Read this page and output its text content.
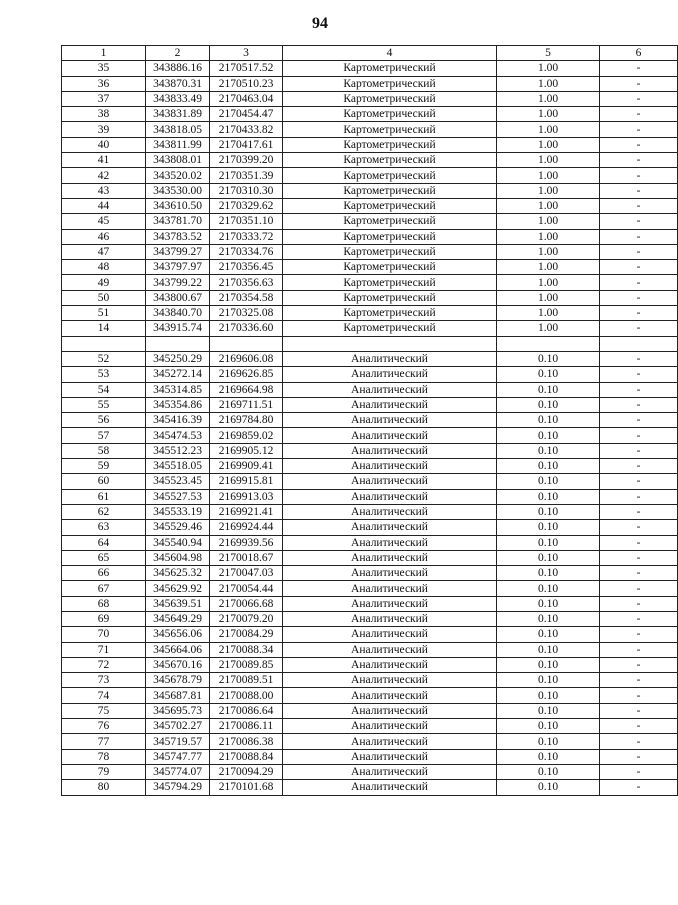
94
1	2	3	4	5	6
35	343886.16	2170517.52	Картометрический	1.00	-
36	343870.31	2170510.23	Картометрический	1.00	-
37	343833.49	2170463.04	Картометрический	1.00	-
38	343831.89	2170454.47	Картометрический	1.00	-
39	343818.05	2170433.82	Картометрический	1.00	-
40	343811.99	2170417.61	Картометрический	1.00	-
41	343808.01	2170399.20	Картометрический	1.00	-
42	343520.02	2170351.39	Картометрический	1.00	-
43	343530.00	2170310.30	Картометрический	1.00	-
44	343610.50	2170329.62	Картометрический	1.00	-
45	343781.70	2170351.10	Картометрический	1.00	-
46	343783.52	2170333.72	Картометрический	1.00	-
47	343799.27	2170334.76	Картометрический	1.00	-
48	343797.97	2170356.45	Картометрический	1.00	-
49	343799.22	2170356.63	Картометрический	1.00	-
50	343800.67	2170354.58	Картометрический	1.00	-
51	343840.70	2170325.08	Картометрический	1.00	-
14	343915.74	2170336.60	Картометрический	1.00	-

52	345250.29	2169606.08	Аналитический	0.10	-
53	345272.14	2169626.85	Аналитический	0.10	-
54	345314.85	2169664.98	Аналитический	0.10	-
55	345354.86	2169711.51	Аналитический	0.10	-
56	345416.39	2169784.80	Аналитический	0.10	-
57	345474.53	2169859.02	Аналитический	0.10	-
58	345512.23	2169905.12	Аналитический	0.10	-
59	345518.05	2169909.41	Аналитический	0.10	-
60	345523.45	2169915.81	Аналитический	0.10	-
61	345527.53	2169913.03	Аналитический	0.10	-
62	345533.19	2169921.41	Аналитический	0.10	-
63	345529.46	2169924.44	Аналитический	0.10	-
64	345540.94	2169939.56	Аналитический	0.10	-
65	345604.98	2170018.67	Аналитический	0.10	-
66	345625.32	2170047.03	Аналитический	0.10	-
67	345629.92	2170054.44	Аналитический	0.10	-
68	345639.51	2170066.68	Аналитический	0.10	-
69	345649.29	2170079.20	Аналитический	0.10	-
70	345656.06	2170084.29	Аналитический	0.10	-
71	345664.06	2170088.34	Аналитический	0.10	-
72	345670.16	2170089.85	Аналитический	0.10	-
73	345678.79	2170089.51	Аналитический	0.10	-
74	345687.81	2170088.00	Аналитический	0.10	-
75	345695.73	2170086.64	Аналитический	0.10	-
76	345702.27	2170086.11	Аналитический	0.10	-
77	345719.57	2170086.38	Аналитический	0.10	-
78	345747.77	2170088.84	Аналитический	0.10	-
79	345774.07	2170094.29	Аналитический	0.10	-
80	345794.29	2170101.68	Аналитический	0.10	-
